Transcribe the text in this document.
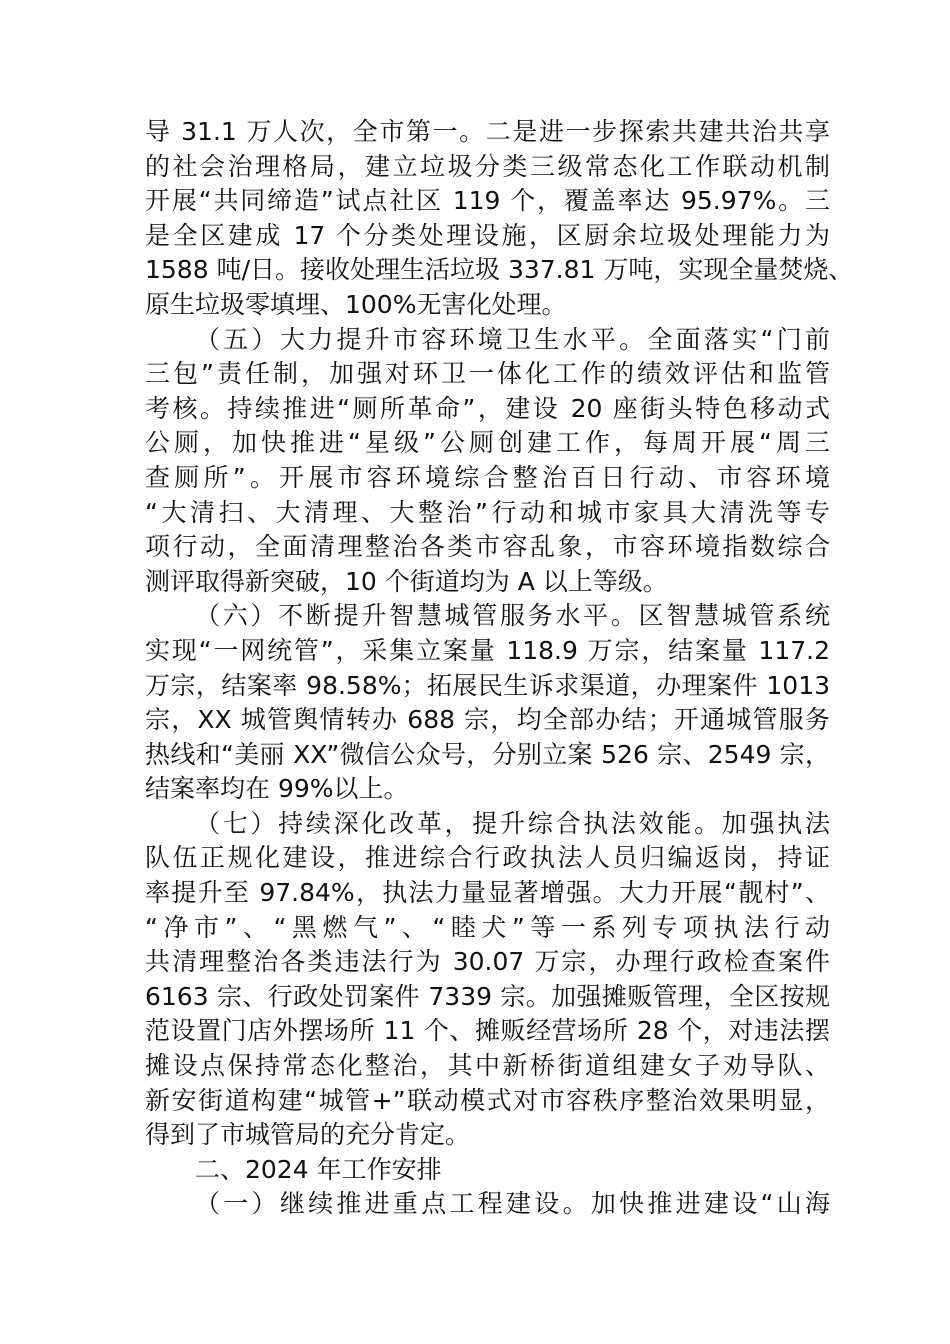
导 31.1 万人次，全市第一。二是进一步探索共建共治共享
的社会治理格局，建立垃圾分类三级常态化工作联动机制
开展“共同缔造”试点社区 119 个，覆盖率达 95.97%。三
是全区建成 17 个分类处理设施，区厨余垃圾处理能力为
1588 吨/日。接收处理生活垃圾 337.81 万吨，实现全量焚烧、
原生垃圾零填埋、100%无害化处理。
（五）大力提升市容环境卫生水平。全面落实“门前
三包”责任制，加强对环卫一体化工作的绩效评估和监管
考核。持续推进“厕所革命”，建设 20 座街头特色移动式
公厕，加快推进“星级”公厕创建工作，每周开展“周三
查厕所”。开展市容环境综合整治百日行动、市容环境
“大清扫、大清理、大整治”行动和城市家具大清洗等专
项行动，全面清理整治各类市容乱象，市容环境指数综合
测评取得新突破，10 个街道均为 A 以上等级。
（六）不断提升智慧城管服务水平。区智慧城管系统
实现“一网统管”，采集立案量 118.9 万宗，结案量 117.2
万宗，结案率 98.58%；拓展民生诉求渠道，办理案件 1013
宗，XX 城管舆情转办 688 宗，均全部办结；开通城管服务
热线和“美丽 XX”微信公众号，分别立案 526 宗、2549 宗，
结案率均在 99%以上。
（七）持续深化改革，提升综合执法效能。加强执法
队伍正规化建设，推进综合行政执法人员归编返岗，持证
率提升至 97.84%，执法力量显著增强。大力开展“靓村”、
“净市”、“黑燃气”、“睦犬”等一系列专项执法行动
共清理整治各类违法行为 30.07 万宗，办理行政检查案件
6163 宗、行政处罚案件 7339 宗。加强摊贩管理，全区按规
范设置门店外摆场所 11 个、摊贩经营场所 28 个，对违法摆
摊设点保持常态化整治，其中新桥街道组建女子劝导队、
新安街道构建“城管+”联动模式对市容秩序整治效果明显，
得到了市城管局的充分肯定。
二、2024 年工作安排
（一）继续推进重点工程建设。加快推进建设“山海
